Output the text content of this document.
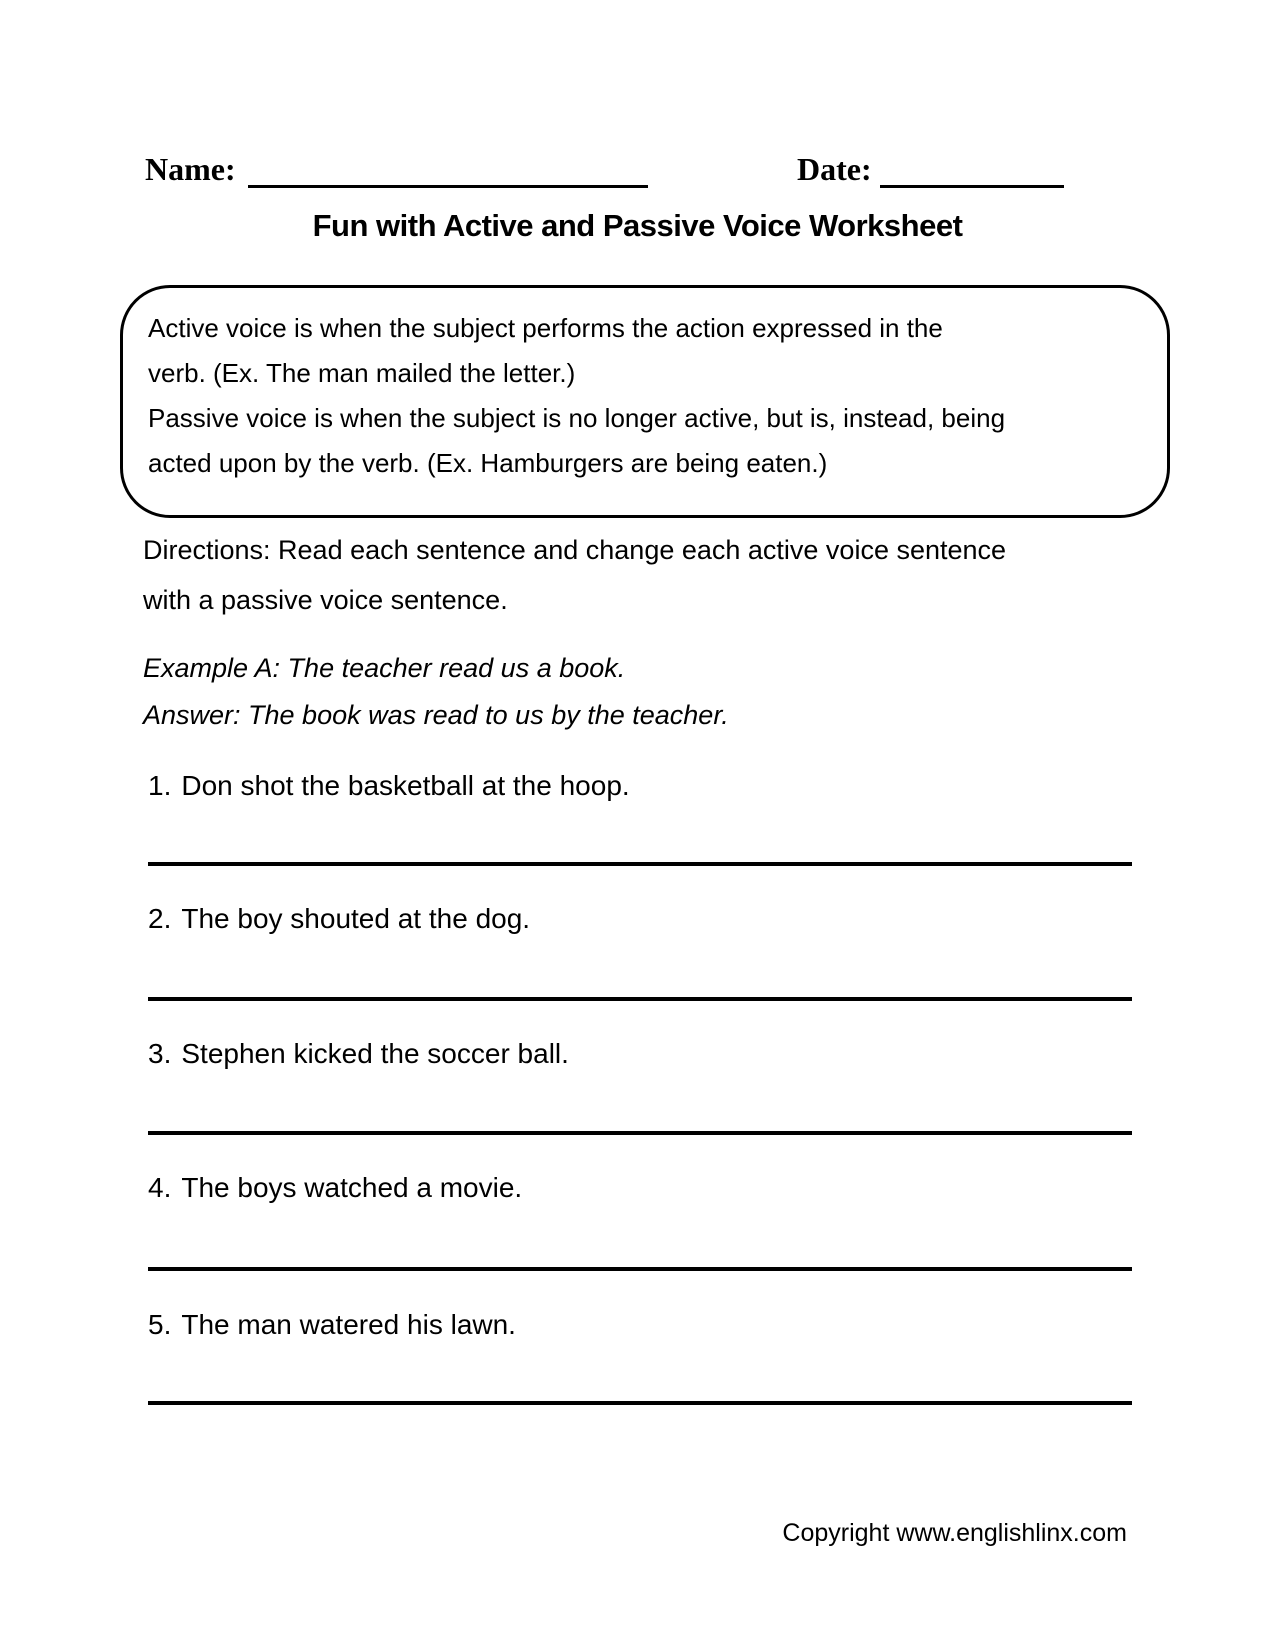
Name:	Date:
Fun with Active and Passive Voice Worksheet
Active voice is when the subject performs the action expressed in the
verb. (Ex. The man mailed the letter.)
Passive voice is when the subject is no longer active, but is, instead, being
acted upon by the verb. (Ex. Hamburgers are being eaten.)
Directions: Read each sentence and change each active voice sentence
with a passive voice sentence.
Example A: The teacher read us a book.
Answer: The book was read to us by the teacher.
1. Don shot the basketball at the hoop.
2. The boy shouted at the dog.
3. Stephen kicked the soccer ball.
4. The boys watched a movie.
5. The man watered his lawn.
Copyright www.englishlinx.com
